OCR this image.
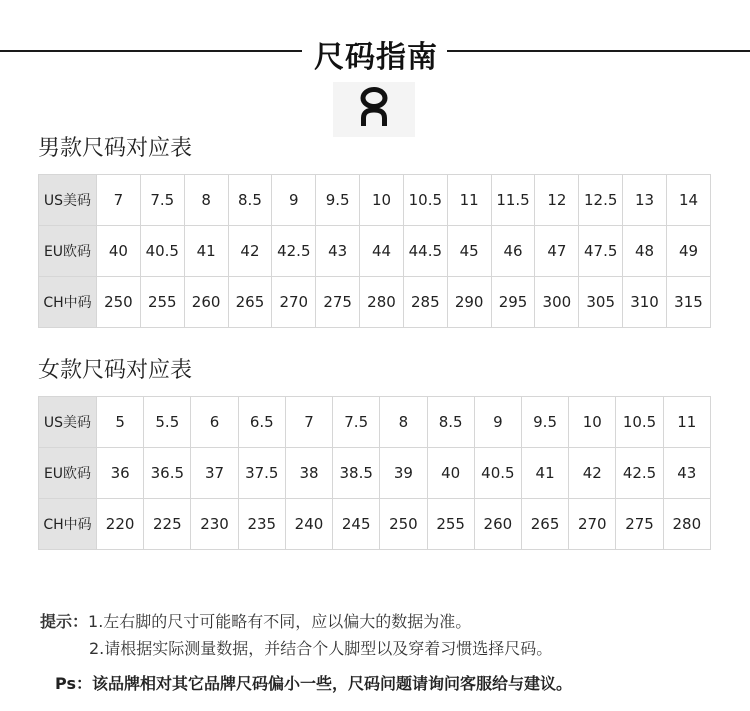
尺码指南
男款尺码对应表
US美码	7	7.5	8	8.5	9	9.5	10	10.5	11	11.5	12	12.5	13	14
EU欧码	40	40.5	41	42	42.5	43	44	44.5	45	46	47	47.5	48	49
CH中码	250	255	260	265	270	275	280	285	290	295	300	305	310	315
女款尺码对应表
US美码	5	5.5	6	6.5	7	7.5	8	8.5	9	9.5	10	10.5	11
EU欧码	36	36.5	37	37.5	38	38.5	39	40	40.5	41	42	42.5	43
CH中码	220	225	230	235	240	245	250	255	260	265	270	275	280
提示：1.左右脚的尺寸可能略有不同，应以偏大的数据为准。
2.请根据实际测量数据，并结合个人脚型以及穿着习惯选择尺码。
Ps：该品牌相对其它品牌尺码偏小一些，尺码问题请询问客服给与建议。
